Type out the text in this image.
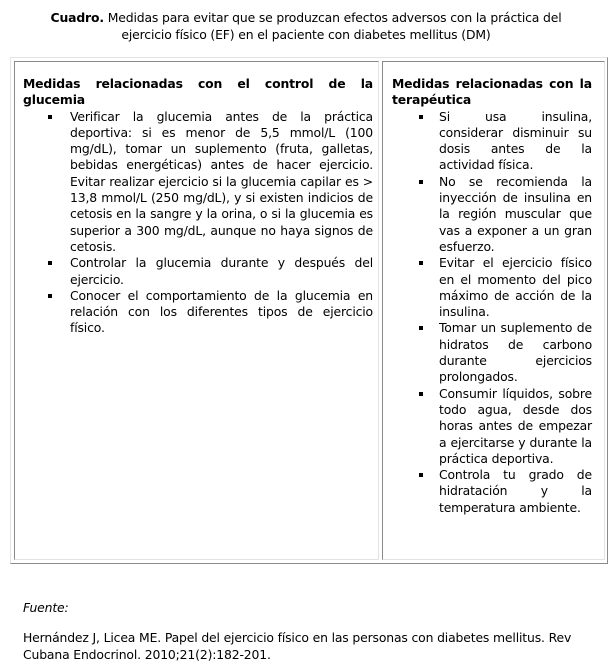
Cuadro. Medidas para evitar que se produzcan efectos adversos con la práctica del
ejercicio físico (EF) en el paciente con diabetes mellitus (DM)

Medidas relacionadas con el control de la glucemia

Verificar la glucemia antes de la práctica deportiva: si es menor de 5,5 mmol/L (100 mg/dL), tomar un suplemento (fruta, galletas, bebidas energéticas) antes de hacer ejercicio. Evitar realizar ejercicio si la glucemia capilar es > 13,8 mmol/L (250 mg/dL), y si existen indicios de cetosis en la sangre y la orina, o si la glucemia es superior a 300 mg/dL, aunque no haya signos de cetosis.
Controlar la glucemia durante y después del ejercicio.
Conocer el comportamiento de la glucemia en relación con los diferentes tipos de ejercicio físico.

Medidas relacionadas con la terapéutica

Si usa insulina, considerar disminuir su dosis antes de la actividad física.
No se recomienda la inyección de insulina en la región muscular que vas a exponer a un gran esfuerzo.
Evitar el ejercicio físico en el momento del pico máximo de acción de la insulina.
Tomar un suplemento de hidratos de carbono durante ejercicios prolongados.
Consumir líquidos, sobre todo agua, desde dos horas antes de empezar a ejercitarse y durante la práctica deportiva.
Controla tu grado de hidratación y la temperatura ambiente.
Fuente:
Hernández J, Licea ME. Papel del ejercicio físico en las personas con diabetes mellitus. Rev Cubana Endocrinol. 2010;21(2):182-201.
